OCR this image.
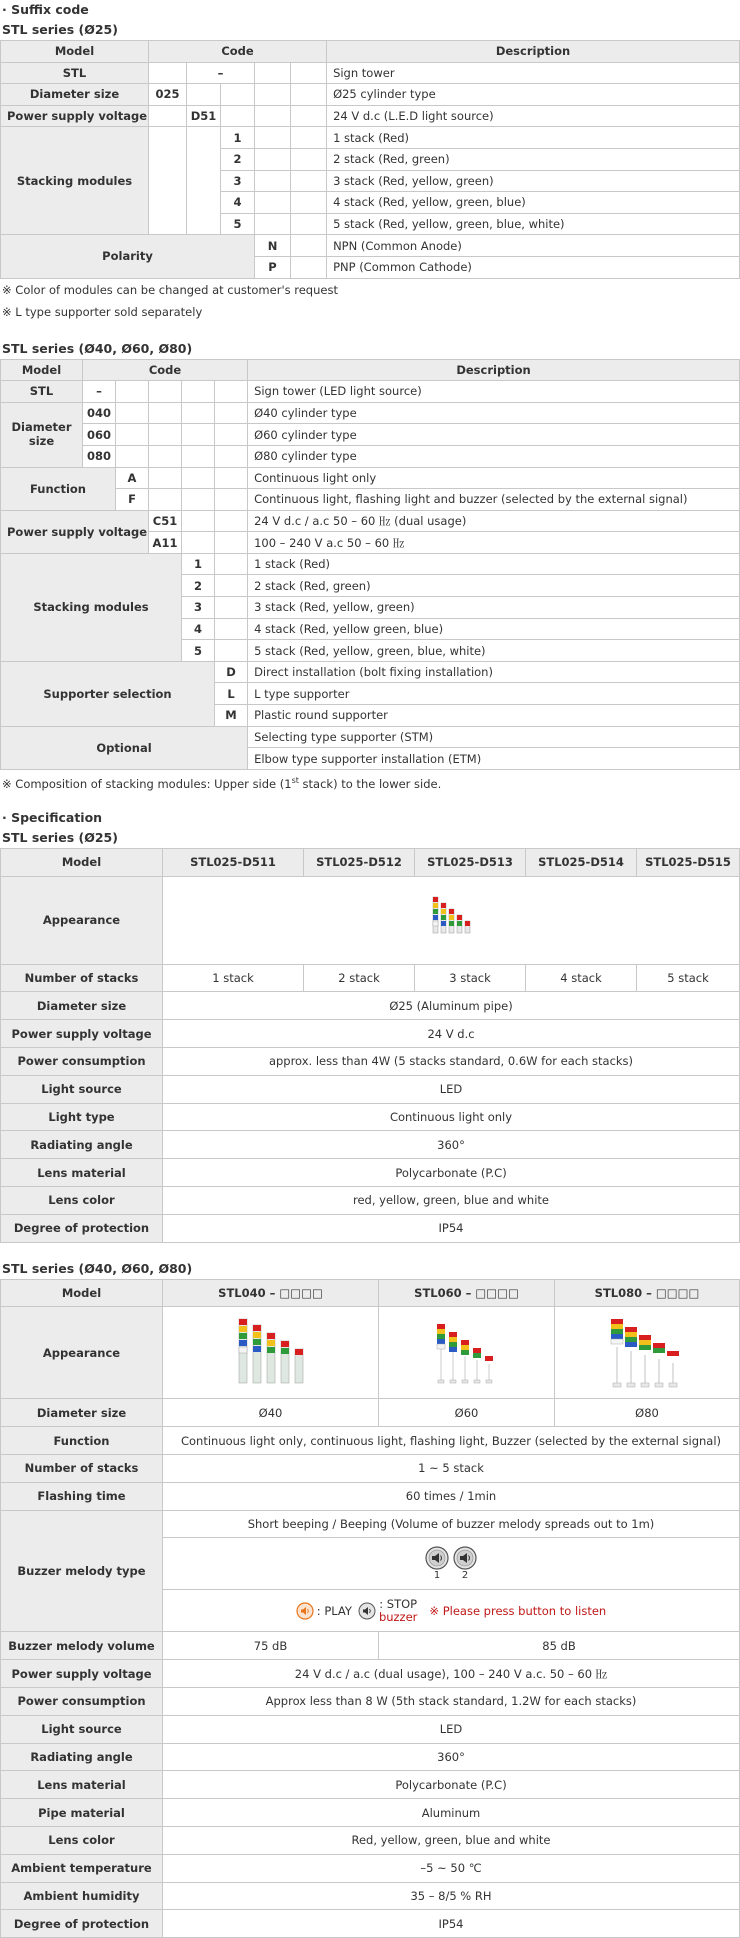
· Suffix code
STL series (Ø25)
Model	Code					Description
STL		–				Sign tower
Diameter size	025					Ø25 cylinder type
Power supply voltage		D51				24 V d.c (L.E.D light source)
Stacking modules			1			1 stack (Red)
			2			2 stack (Red, green)
			3			3 stack (Red, yellow, green)
			4			4 stack (Red, yellow, green, blue)
			5			5 stack (Red, yellow, green, blue, white)
Polarity				N		NPN (Common Anode)
				P		PNP (Common Cathode)
※ Color of modules can be changed at customer's request
※ L type supporter sold separately
STL series (Ø40, Ø60, Ø80)
Model	Code					Description
STL	–					Sign tower (LED light source)
Diameter size	040					Ø40 cylinder type
	060					Ø60 cylinder type
	080					Ø80 cylinder type
Function		A				Continuous light only
		F				Continuous light, flashing light and buzzer (selected by the external signal)
Power supply voltage			C51			24 V d.c / a.c 50 – 60 ㎐ (dual usage)
			A11			100 – 240 V a.c 50 – 60 ㎐
Stacking modules				1		1 stack (Red)
				2		2 stack (Red, green)
				3		3 stack (Red, yellow, green)
				4		4 stack (Red, yellow green, blue)
				5		5 stack (Red, yellow, green, blue, white)
Supporter selection					D	Direct installation (bolt fixing installation)
					L	L type supporter
					M	Plastic round supporter
Optional						Selecting type supporter (STM)
						Elbow type supporter installation (ETM)
※ Composition of stacking modules: Upper side (1st stack) to the lower side.
· Specification
STL series (Ø25)
Model	STL025-D511	STL025-D512	STL025-D513	STL025-D514	STL025-D515
Appearance	

Number of stacks	1 stack	2 stack	3 stack	4 stack	5 stack
Diameter size	Ø25 (Aluminum pipe)				
Power supply voltage	24 V d.c				
Power consumption	approx. less than 4W (5 stacks standard, 0.6W for each stacks)				
Light source	LED				
Light type	Continuous light only				
Radiating angle	360°				
Lens material	Polycarbonate (P.C)				
Lens color	red, yellow, green, blue and white				
Degree of protection	IP54				
STL series (Ø40, Ø60, Ø80)
Model	STL040 – □□□□	STL060 – □□□□	STL080 – □□□□
Appearance	

Diameter size	Ø40	Ø60	Ø80
Function	Continuous light only, continuous light, flashing light, Buzzer (selected by the external signal)		
Number of stacks	1 ~ 5 stack		
Flashing time	60 times / 1min		
Buzzer melody type	Short beeping / Beeping (Volume of buzzer melody spreads out to 1m)		

	1 2		

	: PLAY
: STOP
buzzer ※ Please press button to listen		

Buzzer melody volume	75 dB	85 dB	
Power supply voltage	24 V d.c / a.c (dual usage), 100 – 240 V a.c. 50 – 60 ㎐		
Power consumption	Approx less than 8 W (5th stack standard, 1.2W for each stacks)		
Light source	LED		
Radiating angle	360°		
Lens material	Polycarbonate (P.C)		
Pipe material	Aluminum		
Lens color	Red, yellow, green, blue and white		
Ambient temperature	–5 ~ 50 ℃		
Ambient humidity	35 – 8/5 % RH		
Degree of protection	IP54		
